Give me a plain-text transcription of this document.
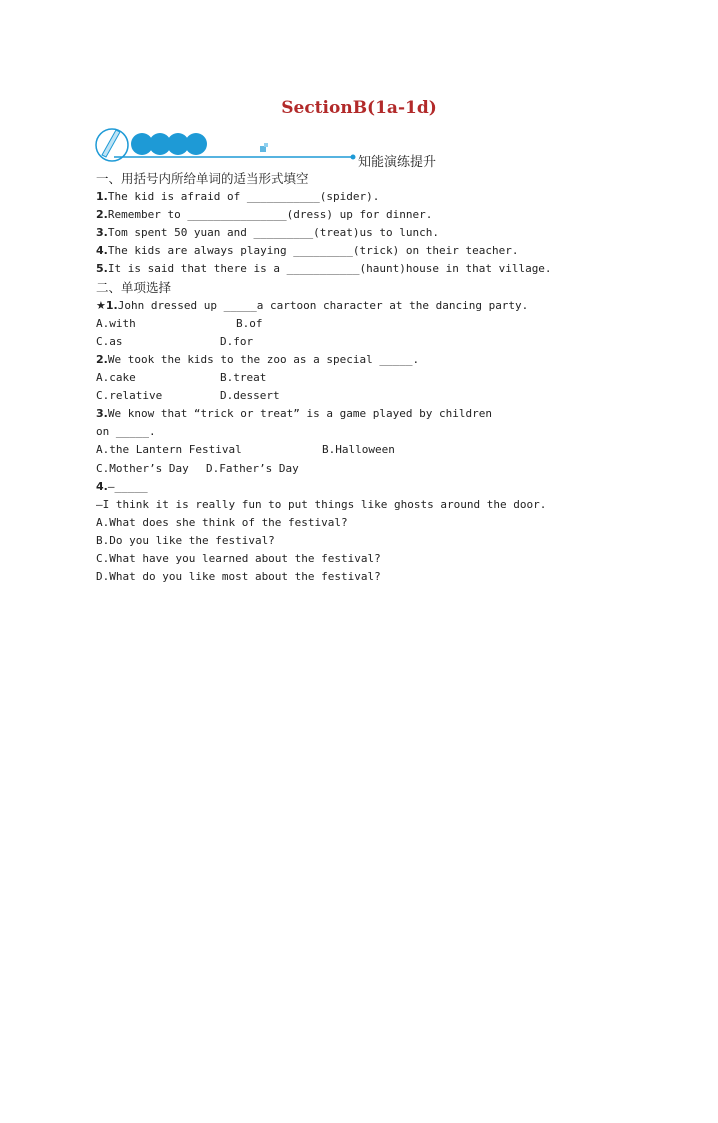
SectionB(1a-1d)
知能演练提升
一、用括号内所给单词的适当形式填空
1.The kid is afraid of ___________(spider).
2.Remember to _______________(dress) up for dinner.
3.Tom spent 50 yuan and _________(treat)us to lunch.
4.The kids are always playing _________(trick) on their teacher.
5.It is said that there is a ___________(haunt)house in that village.
二、单项选择
★1.John dressed up _____a cartoon character at the dancing party.
A.with	B.of
C.as	D.for
2.We took the kids to the zoo as a special _____.
A.cake	B.treat
C.relative	D.dessert
3.We know that “trick or treat” is a game played by children
on _____.
A.the Lantern Festival	B.Halloween
C.Mother’s Day	D.Father’s Day
4.—_____
—I think it is really fun to put things like ghosts around the door.
A.What does she think of the festival?
B.Do you like the festival?
C.What have you learned about the festival?
D.What do you like most about the festival?
